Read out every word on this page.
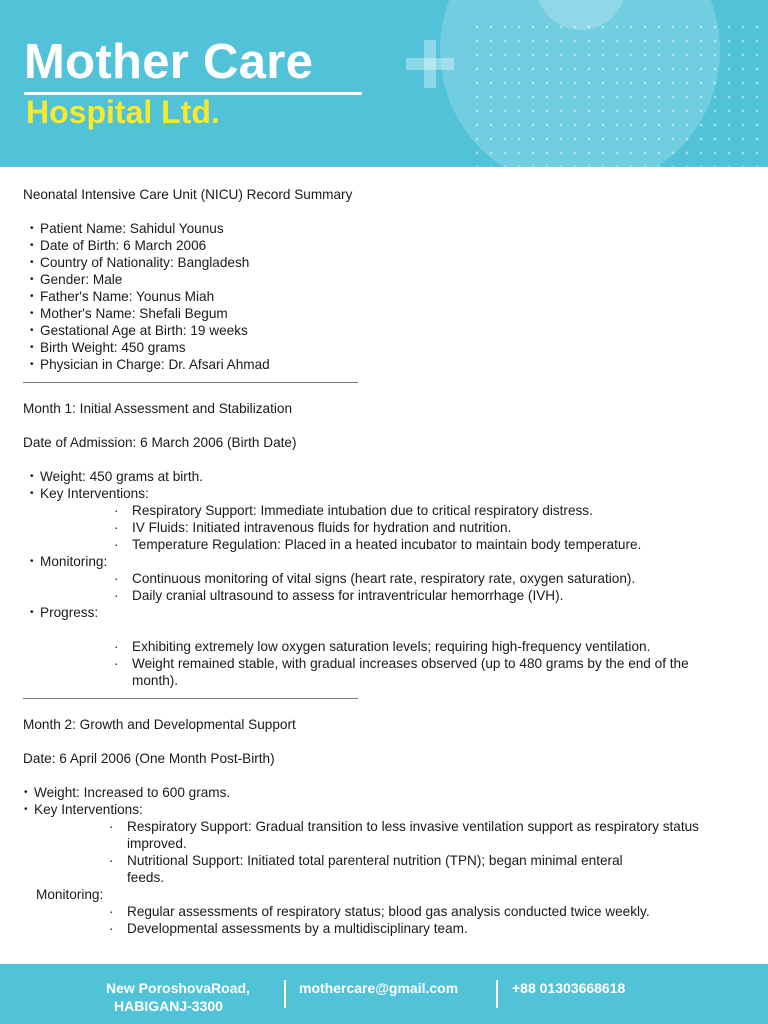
Mother Care
Hospital Ltd.

Neonatal Intensive Care Unit (NICU) Record Summary

• Patient Name: Sahidul Younus
• Date of Birth: 6 March 2006
• Country of Nationality: Bangladesh
• Gender: Male
• Father's Name: Younus Miah
• Mother's Name: Shefali Begum
• Gestational Age at Birth: 19 weeks
• Birth Weight: 450 grams
• Physician in Charge: Dr. Afsari Ahmad

Month 1: Initial Assessment and Stabilization

Date of Admission: 6 March 2006 (Birth Date)

• Weight: 450 grams at birth.
• Key Interventions:
· Respiratory Support: Immediate intubation due to critical respiratory distress.
· IV Fluids: Initiated intravenous fluids for hydration and nutrition.
· Temperature Regulation: Placed in a heated incubator to maintain body temperature.
• Monitoring:
· Continuous monitoring of vital signs (heart rate, respiratory rate, oxygen saturation).
· Daily cranial ultrasound to assess for intraventricular hemorrhage (IVH).
• Progress:
· Exhibiting extremely low oxygen saturation levels; requiring high-frequency ventilation.
· Weight remained stable, with gradual increases observed (up to 480 grams by the end of the month).

Month 2: Growth and Developmental Support

Date: 6 April 2006 (One Month Post-Birth)

• Weight: Increased to 600 grams.
• Key Interventions:
· Respiratory Support: Gradual transition to less invasive ventilation support as respiratory status improved.
· Nutritional Support: Initiated total parenteral nutrition (TPN); began minimal enteral feeds.
Monitoring:
· Regular assessments of respiratory status; blood gas analysis conducted twice weekly.
· Developmental assessments by a multidisciplinary team.
New PoroshovaRoad,
HABIGANJ-3300
mothercare@gmail.com	+88 01303668618
